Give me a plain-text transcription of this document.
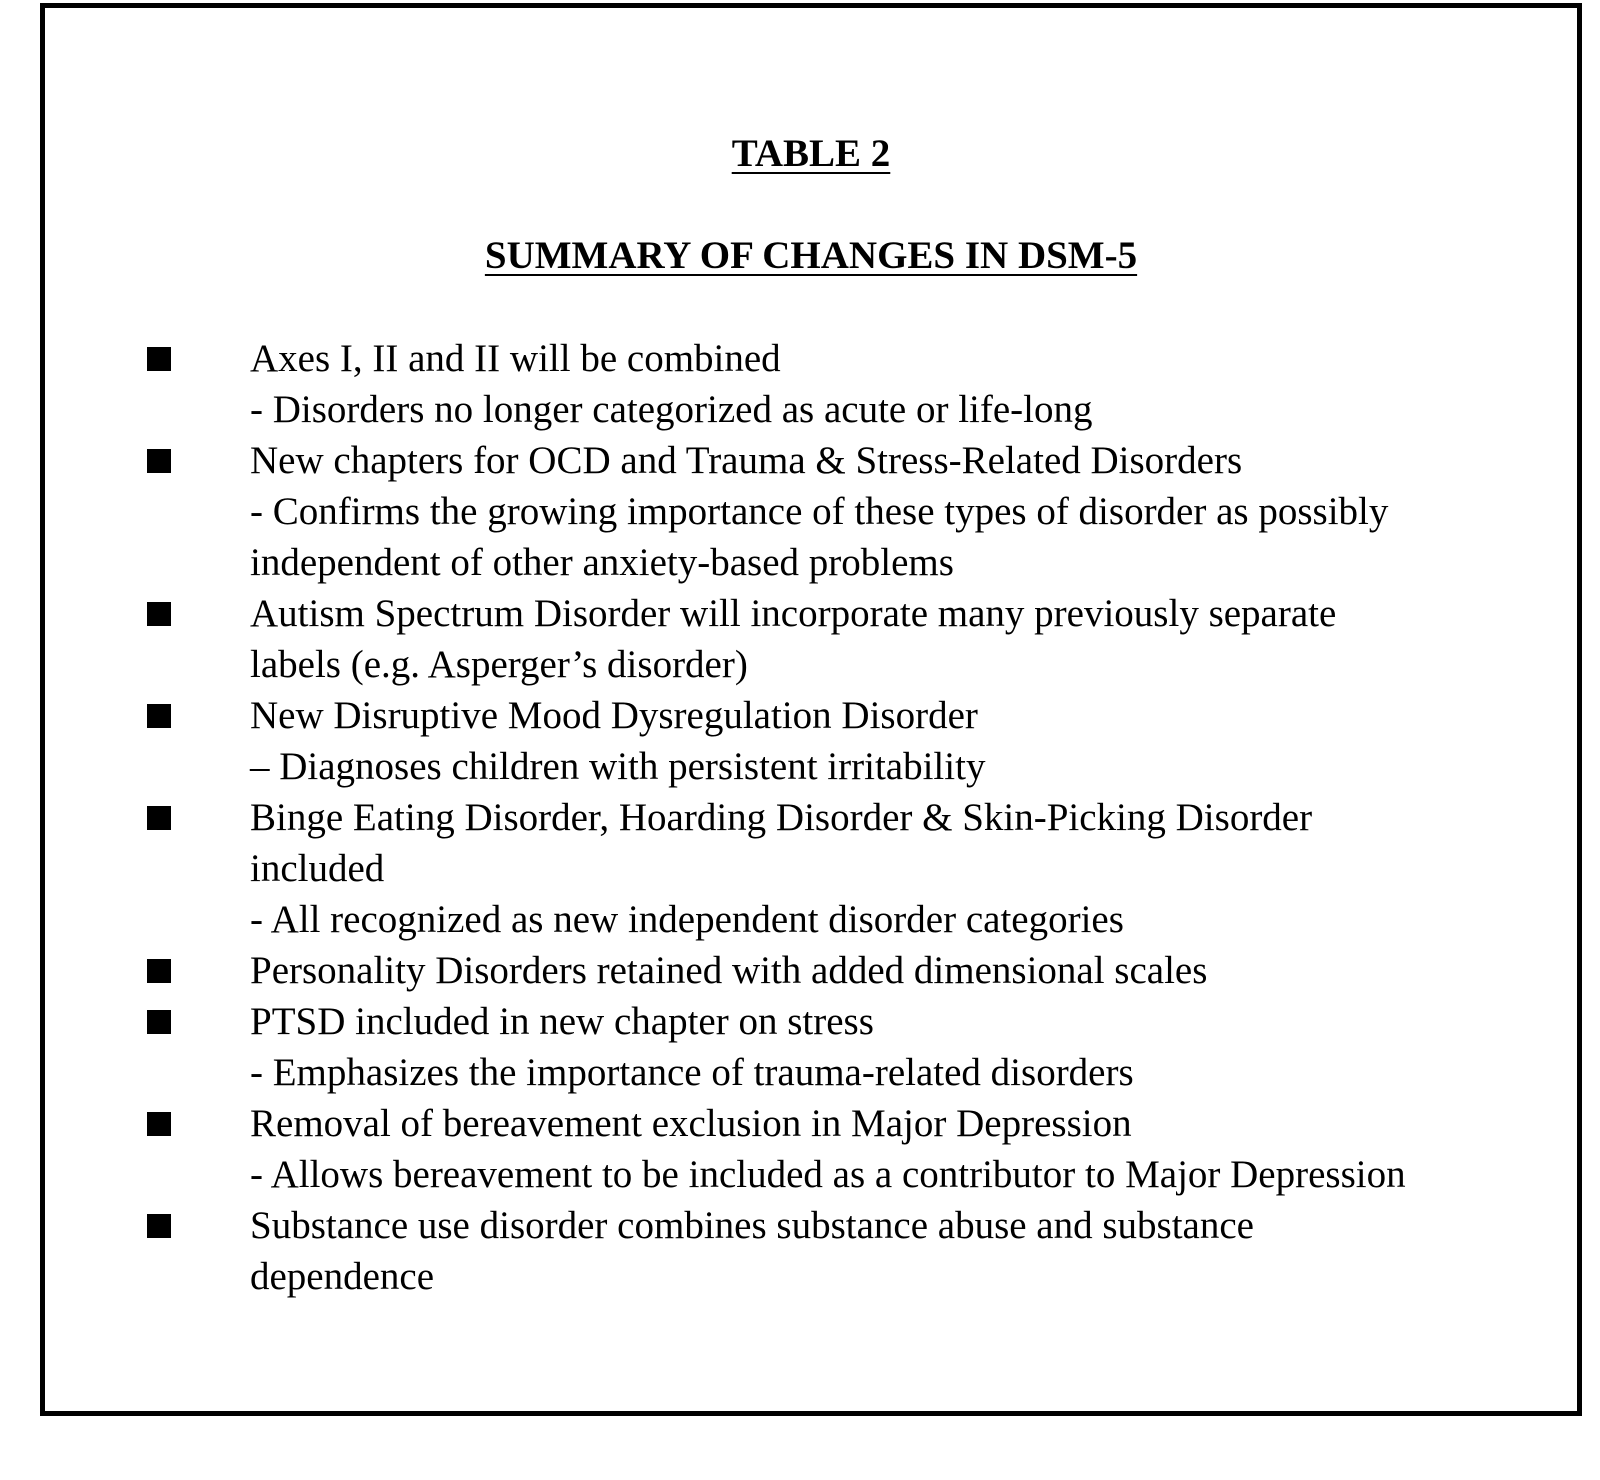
TABLE 2
SUMMARY OF CHANGES IN DSM-5
Axes I, II and II will be combined
- Disorders no longer categorized as acute or life-long
New chapters for OCD and Trauma & Stress-Related Disorders
- Confirms the growing importance of these types of disorder as possibly
independent of other anxiety-based problems
Autism Spectrum Disorder will incorporate many previously separate
labels (e.g. Asperger’s disorder)
New Disruptive Mood Dysregulation Disorder
– Diagnoses children with persistent irritability
Binge Eating Disorder, Hoarding Disorder & Skin-Picking Disorder
included
- All recognized as new independent disorder categories
Personality Disorders retained with added dimensional scales
PTSD included in new chapter on stress
- Emphasizes the importance of trauma-related disorders
Removal of bereavement exclusion in Major Depression
- Allows bereavement to be included as a contributor to Major Depression
Substance use disorder combines substance abuse and substance
dependence
